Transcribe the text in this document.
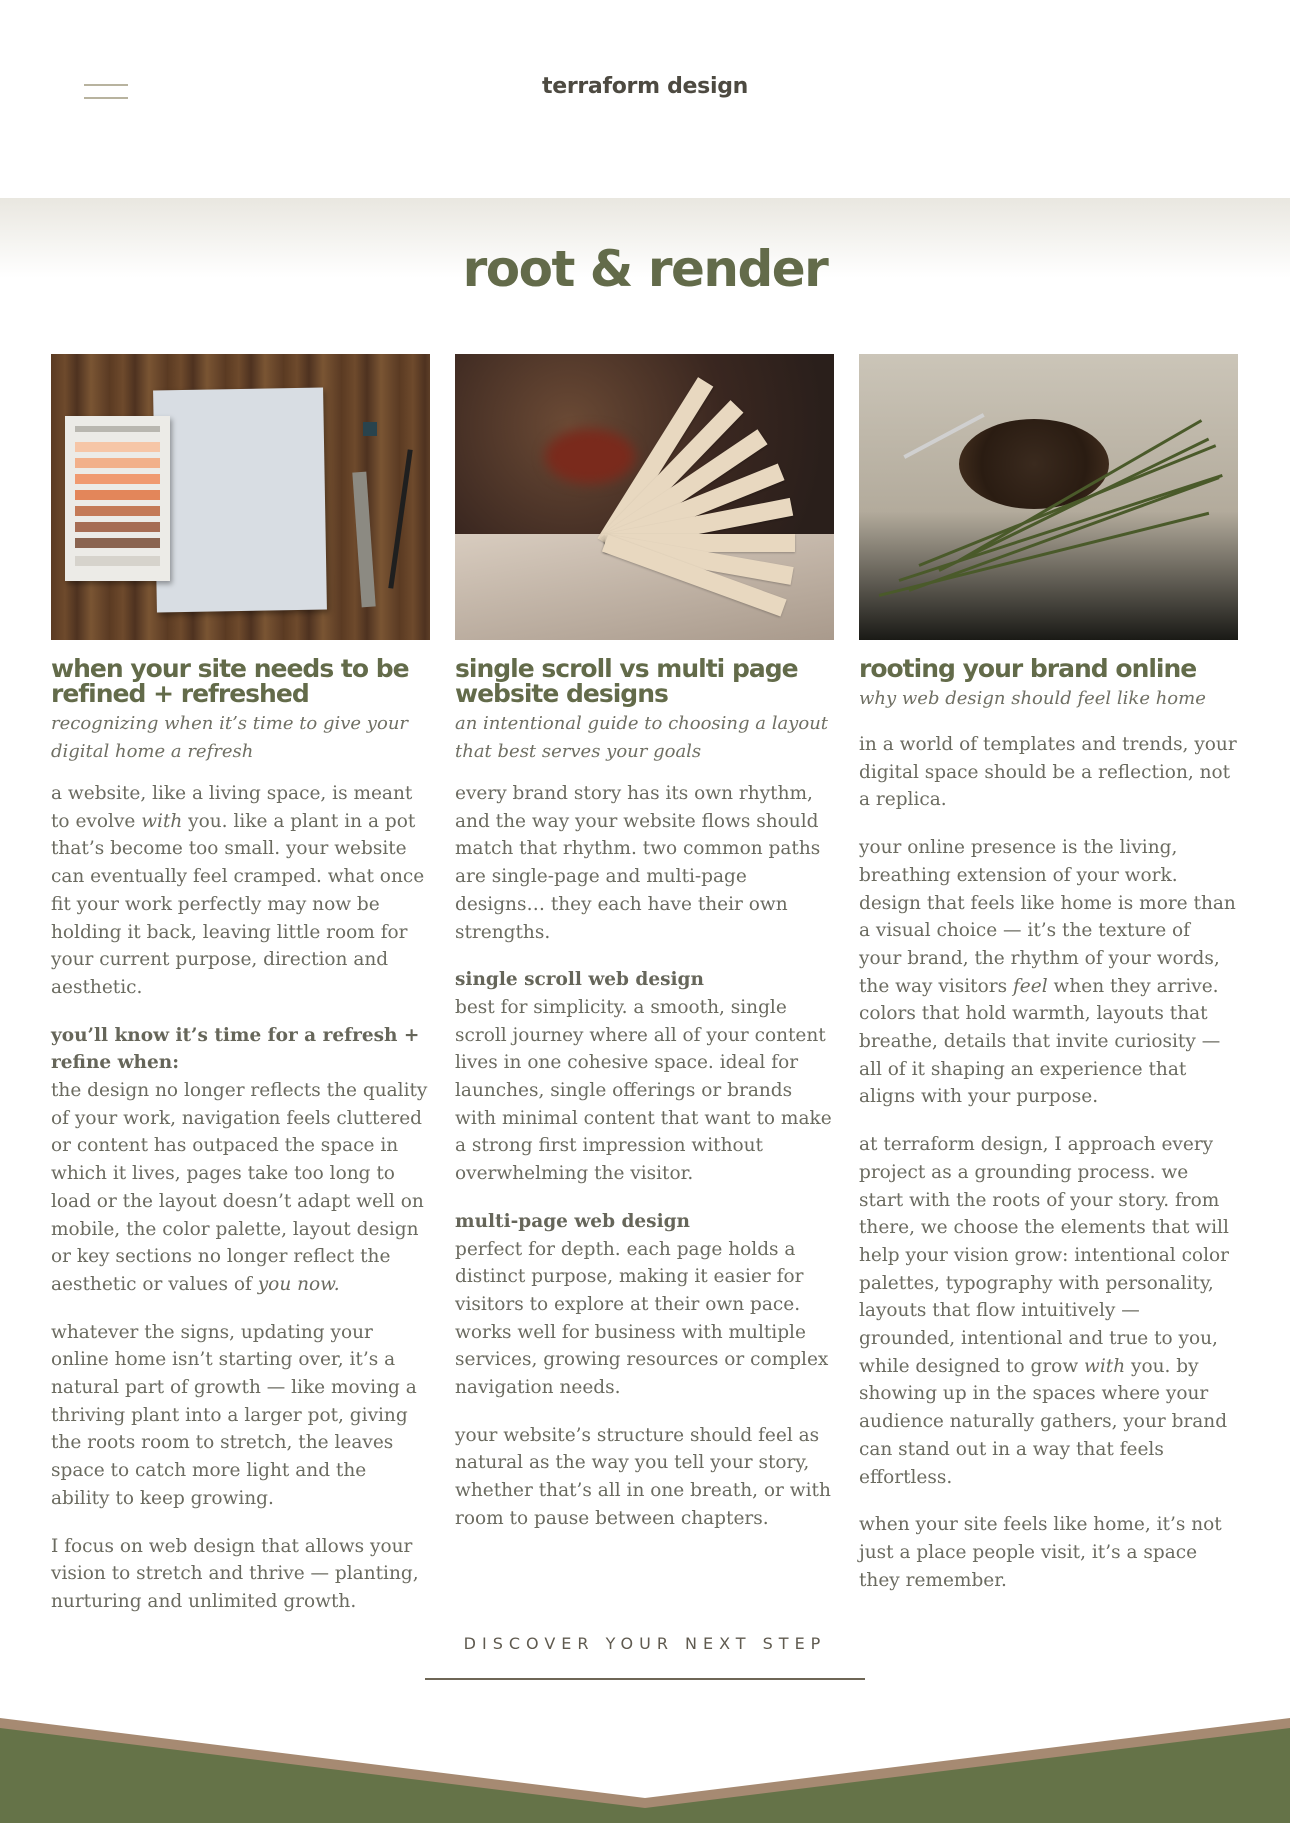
terraform design
root & render
when your site needs to be refined + refreshed

recognizing when it’s time to give your digital home a refresh

a website, like a living space, is meant to evolve with you. like a plant in a pot that’s become too small. your website can eventually feel cramped. what once fit your work perfectly may now be holding it back, leaving little room for your current purpose, direction and aesthetic.

you’ll know it’s time for a refresh + refine when:
the design no longer reflects the quality of your work, navigation feels cluttered or content has outpaced the space in which it lives, pages take too long to load or the layout doesn’t adapt well on mobile, the color palette, layout design or key sections no longer reflect the aesthetic or values of you now.

whatever the signs, updating your online home isn’t starting over, it’s a natural part of growth — like moving a thriving plant into a larger pot, giving the roots room to stretch, the leaves space to catch more light and the ability to keep growing.

I focus on web design that allows your vision to stretch and thrive — planting, nurturing and unlimited growth.

single scroll vs multi page website designs

an intentional guide to choosing a layout that best serves your goals

every brand story has its own rhythm, and the way your website flows should match that rhythm. two common paths are single-page and multi-page designs… they each have their own strengths.

single scroll web design
best for simplicity. a smooth, single scroll journey where all of your content lives in one cohesive space. ideal for launches, single offerings or brands with minimal content that want to make a strong first impression without overwhelming the visitor.

multi-page web design
perfect for depth. each page holds a distinct purpose, making it easier for visitors to explore at their own pace. works well for business with multiple services, growing resources or complex navigation needs.

your website’s structure should feel as natural as the way you tell your story, whether that’s all in one breath, or with room to pause between chapters.

rooting your brand online

why web design should feel like home

in a world of templates and trends, your digital space should be a reflection, not a replica.

your online presence is the living, breathing extension of your work. design that feels like home is more than a visual choice — it’s the texture of your brand, the rhythm of your words, the way visitors feel when they arrive. colors that hold warmth, layouts that breathe, details that invite curiosity — all of it shaping an experience that aligns with your purpose.

at terraform design, I approach every project as a grounding process. we start with the roots of your story. from there, we choose the elements that will help your vision grow: intentional color palettes, typography with personality, layouts that flow intuitively — grounded, intentional and true to you, while designed to grow with you. by showing up in the spaces where your audience naturally gathers, your brand can stand out in a way that feels effortless.

when your site feels like home, it’s not just a place people visit, it’s a space they remember.

DISCOVER YOUR NEXT STEP
